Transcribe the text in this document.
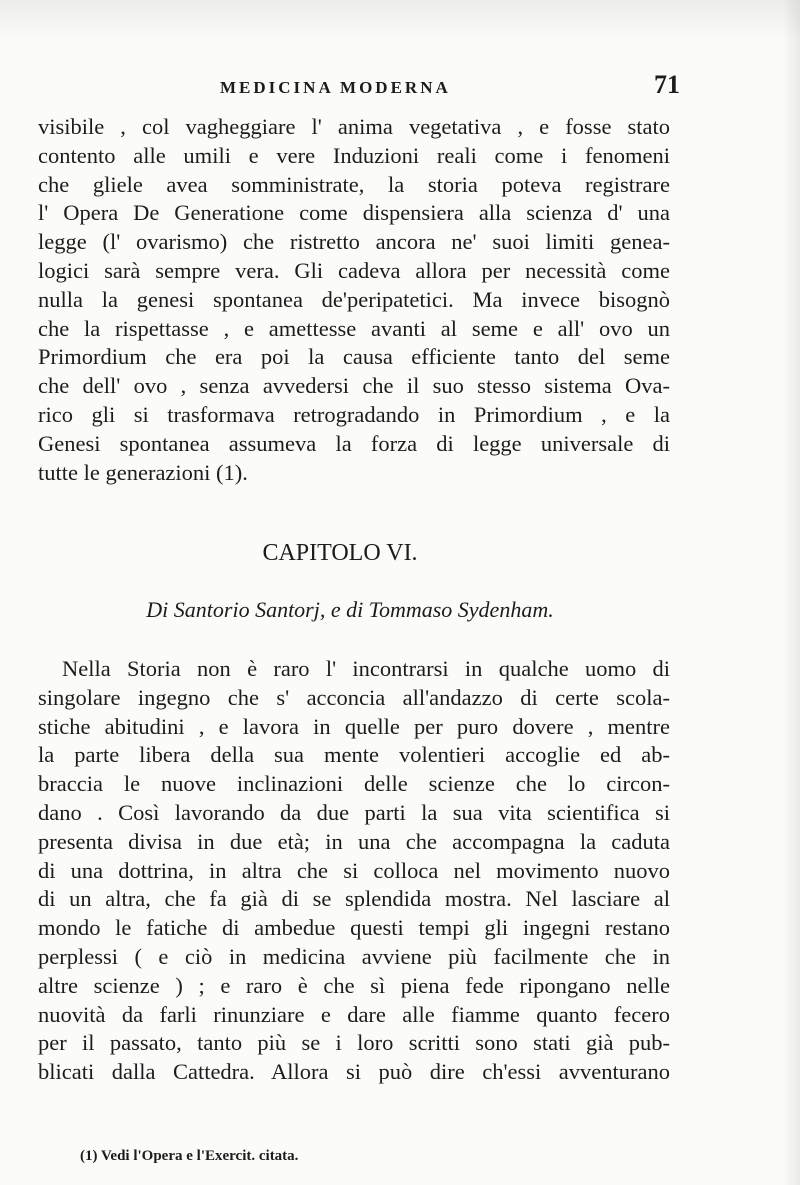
MEDICINA MODERNA	71
visibile , col vagheggiare l' anima vegetativa , e fosse stato
contento alle umili e vere Induzioni reali come i fenomeni
che gliele avea somministrate, la storia poteva registrare
l' Opera De Generatione come dispensiera alla scienza d' una
legge (l' ovarismo) che ristretto ancora ne' suoi limiti genea-
logici sarà sempre vera. Gli cadeva allora per necessità come
nulla la genesi spontanea de'peripatetici. Ma invece bisognò
che la rispettasse , e amettesse avanti al seme e all' ovo un
Primordium che era poi la causa efficiente tanto del seme
che dell' ovo , senza avvedersi che il suo stesso sistema Ova-
rico gli si trasformava retrogradando in Primordium , e la
Genesi spontanea assumeva la forza di legge universale di
tutte le generazioni (1).
CAPITOLO VI.
Di Santorio Santorj, e di Tommaso Sydenham.
Nella Storia non è raro l' incontrarsi in qualche uomo di
singolare ingegno che s' acconcia all'andazzo di certe scola-
stiche abitudini , e lavora in quelle per puro dovere , mentre
la parte libera della sua mente volentieri accoglie ed ab-
braccia le nuove inclinazioni delle scienze che lo circon-
dano . Così lavorando da due parti la sua vita scientifica si
presenta divisa in due età; in una che accompagna la caduta
di una dottrina, in altra che si colloca nel movimento nuovo
di un altra, che fa già di se splendida mostra. Nel lasciare al
mondo le fatiche di ambedue questi tempi gli ingegni restano
perplessi ( e ciò in medicina avviene più facilmente che in
altre scienze ) ; e raro è che sì piena fede ripongano nelle
nuovità da farli rinunziare e dare alle fiamme quanto fecero
per il passato, tanto più se i loro scritti sono stati già pub-
blicati dalla Cattedra. Allora si può dire ch'essi avventurano
(1) Vedi l'Opera e l'Exercit. citata.
